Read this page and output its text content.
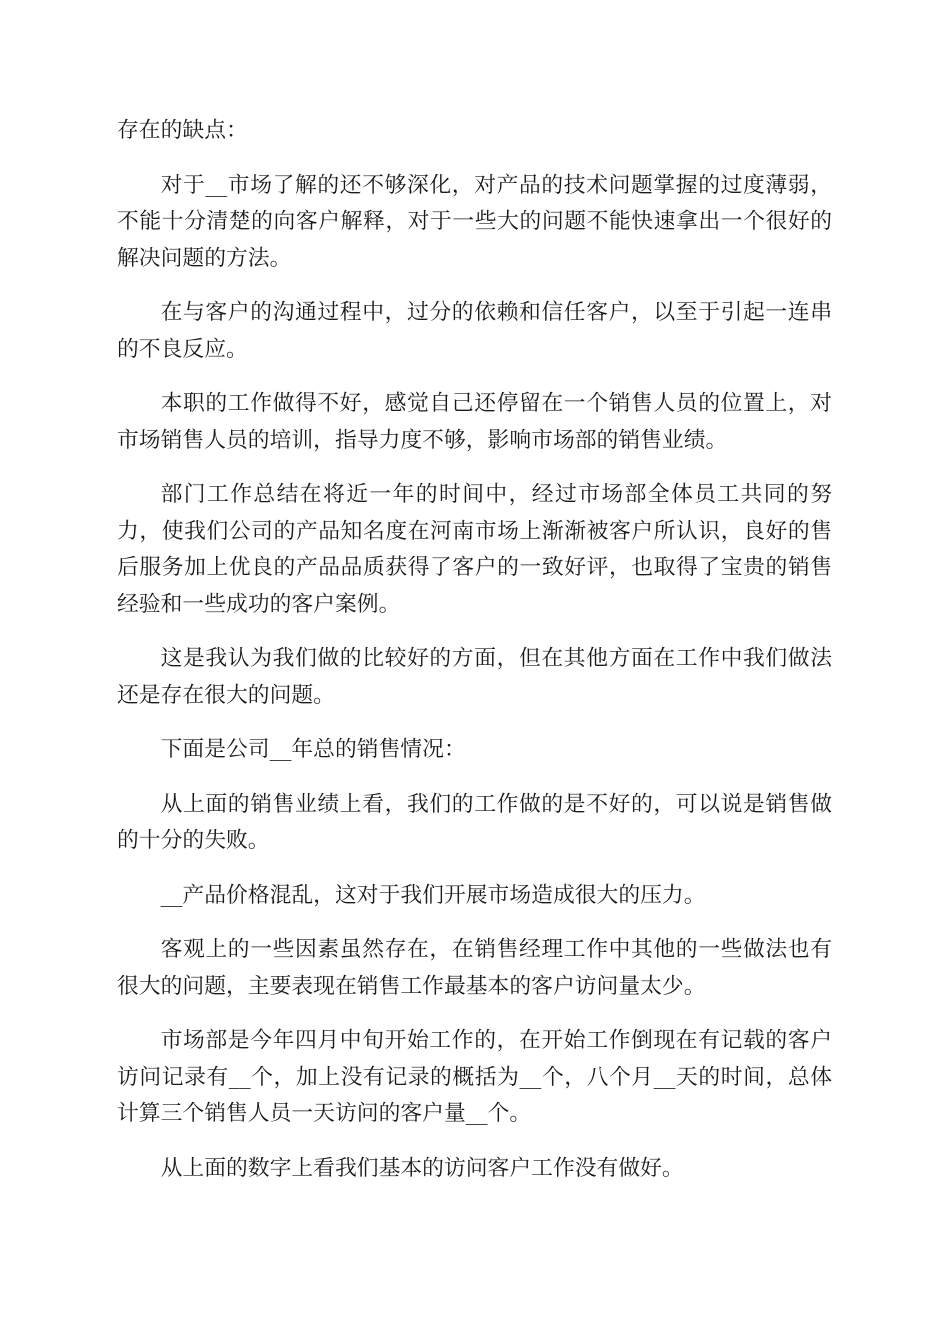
存在的缺点：

对于__市场了解的还不够深化，对产品的技术问题掌握的过度薄弱，不能十分清楚的向客户解释，对于一些大的问题不能快速拿出一个很好的解决问题的方法。

在与客户的沟通过程中，过分的依赖和信任客户，以至于引起一连串的不良反应。

本职的工作做得不好，感觉自己还停留在一个销售人员的位置上，对市场销售人员的培训，指导力度不够，影响市场部的销售业绩。

部门工作总结在将近一年的时间中，经过市场部全体员工共同的努力，使我们公司的产品知名度在河南市场上渐渐被客户所认识，良好的售后服务加上优良的产品品质获得了客户的一致好评，也取得了宝贵的销售经验和一些成功的客户案例。

这是我认为我们做的比较好的方面，但在其他方面在工作中我们做法还是存在很大的问题。

下面是公司__年总的销售情况：

从上面的销售业绩上看，我们的工作做的是不好的，可以说是销售做的十分的失败。

__产品价格混乱，这对于我们开展市场造成很大的压力。

客观上的一些因素虽然存在，在销售经理工作中其他的一些做法也有很大的问题，主要表现在销售工作最基本的客户访问量太少。

市场部是今年四月中旬开始工作的，在开始工作倒现在有记载的客户访问记录有__个，加上没有记录的概括为__个，八个月__天的时间，总体计算三个销售人员一天访问的客户量__个。

从上面的数字上看我们基本的访问客户工作没有做好。
